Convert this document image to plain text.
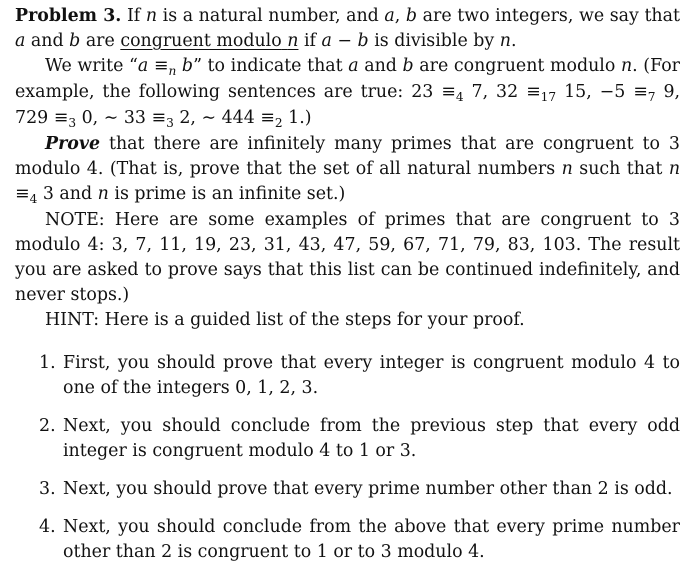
Problem 3. If n is a natural number, and a, b are two integers, we say that a and b are congruent modulo n if a − b is divisible by n.

We write “$a \equiv_n$ b” to indicate that a and b are congruent modulo n. (For example, the following sentences are true: $23 \equiv_4$ 7, $32 \equiv_{17}$ 15, $-5 \equiv_7$ 9, $729 \equiv_3$ 0, ∼ $33 \equiv_3$ 2, ∼ $444 \equiv_2$ 1.)

Prove that there are infinitely many primes that are congruent to 3 modulo 4. (That is, prove that the set of all natural numbers n such that $n \equiv_4$ 3 and n is prime is an infinite set.)

NOTE: Here are some examples of primes that are congruent to 3 modulo 4: 3, 7, 11, 19, 23, 31, 43, 47, 59, 67, 71, 79, 83, 103. The result you are asked to prove says that this list can be continued indefinitely, and never stops.)

HINT: Here is a guided list of the steps for your proof.

1. First, you should prove that every integer is congruent modulo 4 to one of the integers 0, 1, 2, 3.
2. Next, you should conclude from the previous step that every odd integer is congruent modulo 4 to 1 or 3.
3. Next, you should prove that every prime number other than 2 is odd.
4. Next, you should conclude from the above that every prime number other than 2 is congruent to 1 or to 3 modulo 4.
